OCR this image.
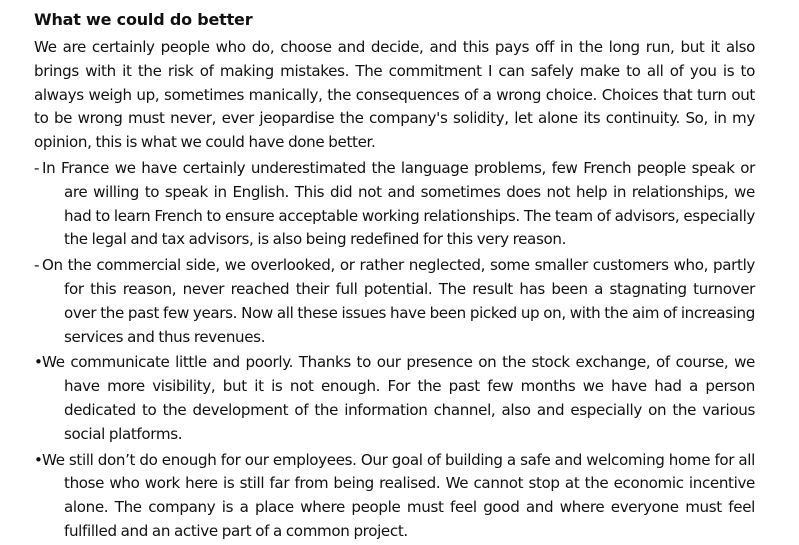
What we could do better

We are certainly people who do, choose and decide, and this pays off in the long run, but it also brings with it the risk of making mistakes. The commitment I can safely make to all of you is to always weigh up, sometimes manically, the consequences of a wrong choice. Choices that turn out to be wrong must never, ever jeopardise the company's solidity, let alone its continuity. So, in my opinion, this is what we could have done better.

- In France we have certainly underestimated the language problems, few French people speak or are willing to speak in English. This did not and sometimes does not help in relationships, we had to learn French to ensure acceptable working relationships. The team of advisors, especially the legal and tax advisors, is also being redefined for this very reason.
- On the commercial side, we overlooked, or rather neglected, some smaller customers who, partly for this reason, never reached their full potential. The result has been a stagnating turnover over the past few years. Now all these issues have been picked up on, with the aim of increasing services and thus revenues.
•We communicate little and poorly. Thanks to our presence on the stock exchange, of course, we have more visibility, but it is not enough. For the past few months we have had a person dedicated to the development of the information channel, also and especially on the various social platforms.
•We still don’t do enough for our employees. Our goal of building a safe and welcoming home for all those who work here is still far from being realised. We cannot stop at the economic incentive alone. The company is a place where people must feel good and where everyone must feel fulfilled and an active part of a common project.
